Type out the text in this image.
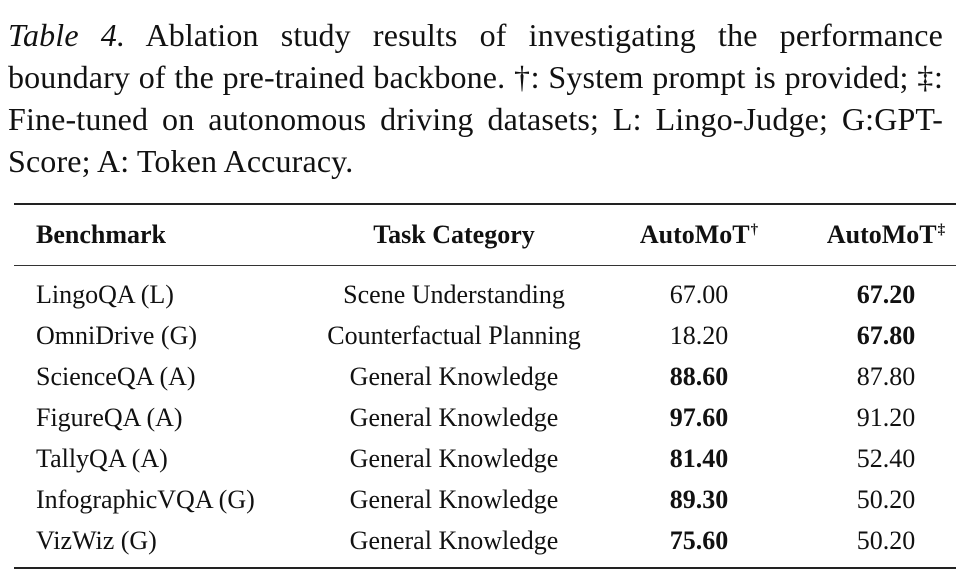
Table 4. Ablation study results of investigating the performance boundary of the pre-trained backbone. †: System prompt is provided; ‡: Fine-tuned on autonomous driving datasets; L: Lingo-Judge; G:GPT-Score; A: Token Accuracy.
Benchmark	Task Category	AutoMoT†	AutoMoT‡
LingoQA (L)	Scene Understanding	67.00	67.20
OmniDrive (G)	Counterfactual Planning	18.20	67.80
ScienceQA (A)	General Knowledge	88.60	87.80
FigureQA (A)	General Knowledge	97.60	91.20
TallyQA (A)	General Knowledge	81.40	52.40
InfographicVQA (G)	General Knowledge	89.30	50.20
VizWiz (G)	General Knowledge	75.60	50.20
